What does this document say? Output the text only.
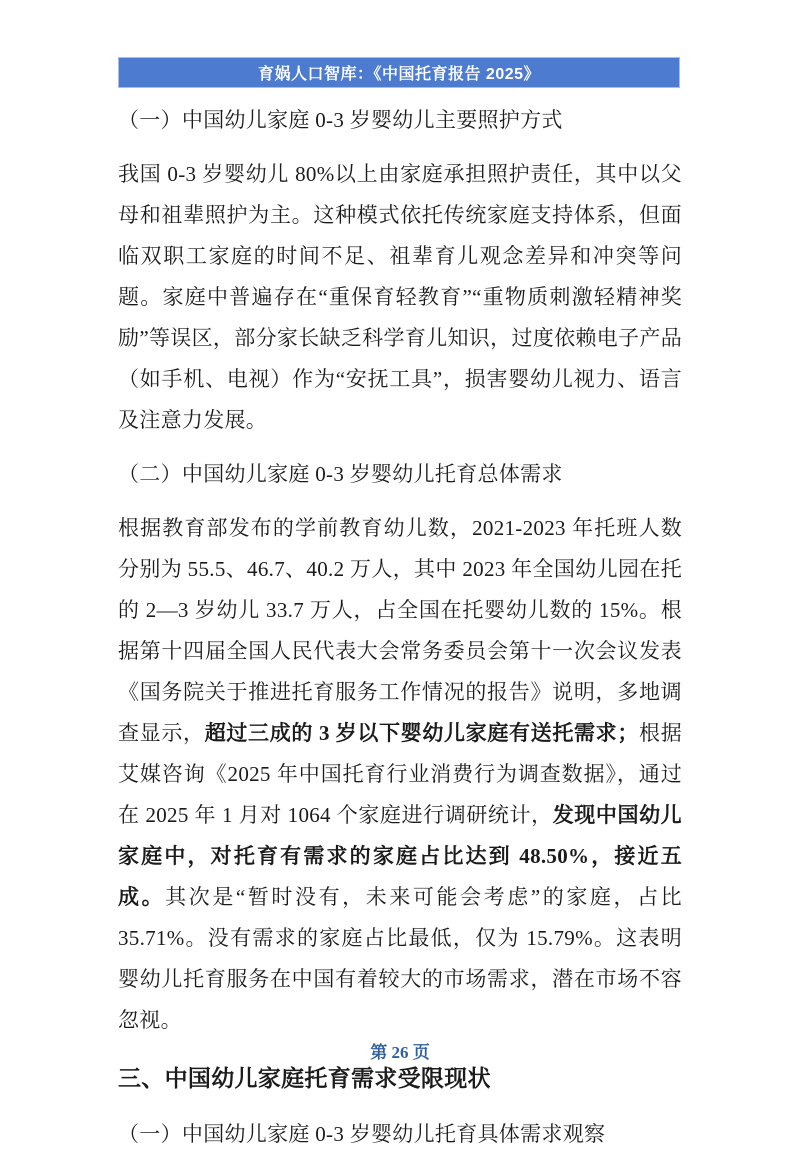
育娲人口智库：《中国托育报告 2025》
（一）中国幼儿家庭 0-3 岁婴幼儿主要照护方式

我国 0-3 岁婴幼儿 80%以上由家庭承担照护责任，其中以父母和祖辈照护为主。这种模式依托传统家庭支持体系，但面临双职工家庭的时间不足、祖辈育儿观念差异和冲突等问题。家庭中普遍存在“重保育轻教育”“重物质刺激轻精神奖励”等误区，部分家长缺乏科学育儿知识，过度依赖电子产品（如手机、电视）作为“安抚工具”，损害婴幼儿视力、语言及注意力发展。

（二）中国幼儿家庭 0-3 岁婴幼儿托育总体需求

根据教育部发布的学前教育幼儿数，2021-2023 年托班人数分别为 55.5、46.7、40.2 万人，其中 2023 年全国幼儿园在托的 2—3 岁幼儿 33.7 万人，占全国在托婴幼儿数的 15%。根据第十四届全国人民代表大会常务委员会第十一次会议发表《国务院关于推进托育服务工作情况的报告》说明，多地调查显示，超过三成的 3 岁以下婴幼儿家庭有送托需求；根据艾媒咨询《2025 年中国托育行业消费行为调查数据》，通过在 2025 年 1 月对 1064 个家庭进行调研统计，发现中国幼儿家庭中，对托育有需求的家庭占比达到 48.50%，接近五成。其次是“暂时没有，未来可能会考虑”的家庭，占比 35.71%。没有需求的家庭占比最低，仅为 15.79%。这表明婴幼儿托育服务在中国有着较大的市场需求，潜在市场不容忽视。

三、中国幼儿家庭托育需求受限现状
（一）中国幼儿家庭 0-3 岁婴幼儿托育具体需求观察
第 26 页
